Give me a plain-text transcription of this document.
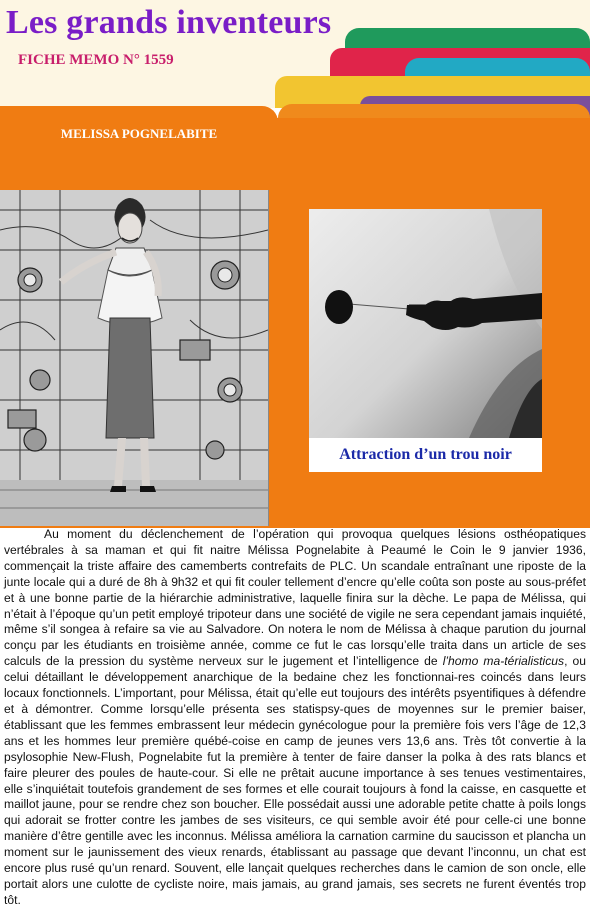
Les grands inventeurs
FICHE MEMO N° 1559
MELISSA POGNELABITE
Attraction d’un trou noir

Au moment du déclenchement de l’opération qui provoqua quelques lésions osthéopatiques vertébrales à sa maman et qui fit naitre Mélissa Pognelabite à Peaumé le Coin le 9 janvier 1936, commençait la triste affaire des camemberts contrefaits de PLC. Un scandale entraînant une riposte de la junte locale qui a duré de 8h à 9h32 et qui fit couler tellement d’encre qu’elle coûta son poste au sous-préfet et à une bonne partie de la hiérarchie administrative, laquelle finira sur la dèche. Le papa de Mélissa, qui n’était à l’époque qu’un petit employé tripoteur dans une société de vigile ne sera cependant jamais inquiété, même s’il songea à refaire sa vie au Salvadore. On notera le nom de Mélissa à chaque parution du journal conçu par les étudiants en troisième année, comme ce fut le cas lorsqu’elle traita dans un article de ses calculs de la pression du système nerveux sur le jugement et l’intelligence de l’homo ma-térialisticus, ou celui détaillant le développement anarchique de la bedaine chez les fonctionnai-res coincés dans leurs locaux fonctionnels. L’important, pour Mélissa, était qu’elle eut toujours des intérêts psyentifiques à défendre et à démontrer. Comme lorsqu’elle présenta ses statispsy-ques de moyennes sur le premier baiser, établissant que les femmes embrassent leur médecin gynécologue pour la première fois vers l’âge de 12,3 ans et les hommes leur première québé-coise en camp de jeunes vers 13,6 ans. Très tôt convertie à la psylosophie New-Flush, Pognelabite fut la première à tenter de faire danser la polka à des rats blancs et faire pleurer des poules de haute-cour. Si elle ne prêtait aucune importance à ses tenues vestimentaires, elle s’inquiétait toutefois grandement de ses formes et elle courait toujours à fond la caisse, en casquette et maillot jaune, pour se rendre chez son boucher. Elle possédait aussi une adorable petite chatte à poils longs qui adorait se frotter contre les jambes de ses visiteurs, ce qui semble avoir été pour celle-ci une bonne manière d’être gentille avec les inconnus. Mélissa améliora la carnation carmine du saucisson et plancha un moment sur le jaunissement des vieux renards, établissant au passage que devant l’inconnu, un chat est encore plus rusé qu’un renard. Souvent, elle lançait quelques recherches dans le camion de son oncle, elle portait alors une culotte de cycliste noire, mais jamais, au grand jamais, ses secrets ne furent éventés trop tôt.
